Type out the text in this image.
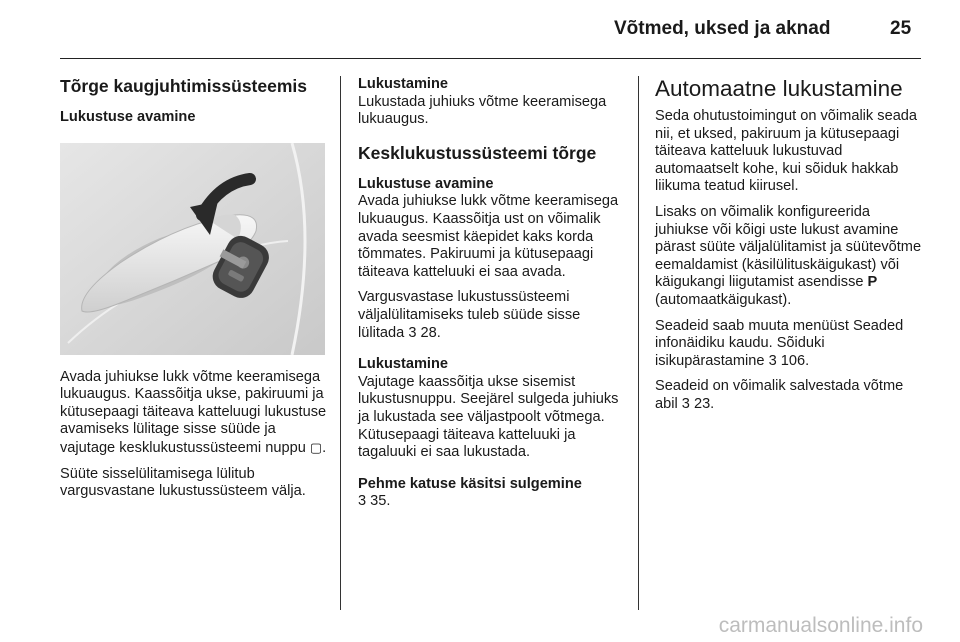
Võtmed, uksed ja aknad	25
Tõrge kaugjuhtimissüsteemis
Lukustuse avamine

Avada juhiukse lukk võtme keeramisega lukuaugus. Kaassõitja ukse, pakiruumi ja kütusepaagi täiteava katteluugi lukustuse avamiseks lülitage sisse süüde ja vajutage kesklukustussüsteemi nuppu ▢.

Süüte sisselülitamisega lülitub vargusvastane lukustussüsteem välja.

Lukustamine

Lukustada juhiuks võtme keeramisega lukuaugus.

Kesklukustussüsteemi tõrge
Lukustuse avamine

Avada juhiukse lukk võtme keeramisega lukuaugus. Kaassõitja ust on võimalik avada seesmist käepidet kaks korda tõmmates. Pakiruumi ja kütusepaagi täiteava katteluuki ei saa avada.

Vargusvastase lukustussüsteemi väljalülitamiseks tuleb süüde sisse lülitada 3 28.

Lukustamine

Vajutage kaassõitja ukse sisemist lukustusnuppu. Seejärel sulgeda juhiuks ja lukustada see väljastpoolt võtmega. Kütusepaagi täiteava katteluuki ja tagaluuki ei saa lukustada.

Pehme katuse käsitsi sulgemine

3 35.

Automaatne lukustamine

Seda ohutustoimingut on võimalik seada nii, et uksed, pakiruum ja kütusepaagi täiteava katteluuk lukustuvad automaatselt kohe, kui sõiduk hakkab liikuma teatud kiirusel.

Lisaks on võimalik konfigureerida juhiukse või kõigi uste lukust avamine pärast süüte väljalülitamist ja süütevõtme eemaldamist (käsilülituskäigukast) või käigukangi liigutamist asendisse P (automaatkäigukast).

Seadeid saab muuta menüüst Seaded infonäidiku kaudu. Sõiduki isikupärastamine 3 106.

Seadeid on võimalik salvestada võtme abil 3 23.

carmanualsonline.info
